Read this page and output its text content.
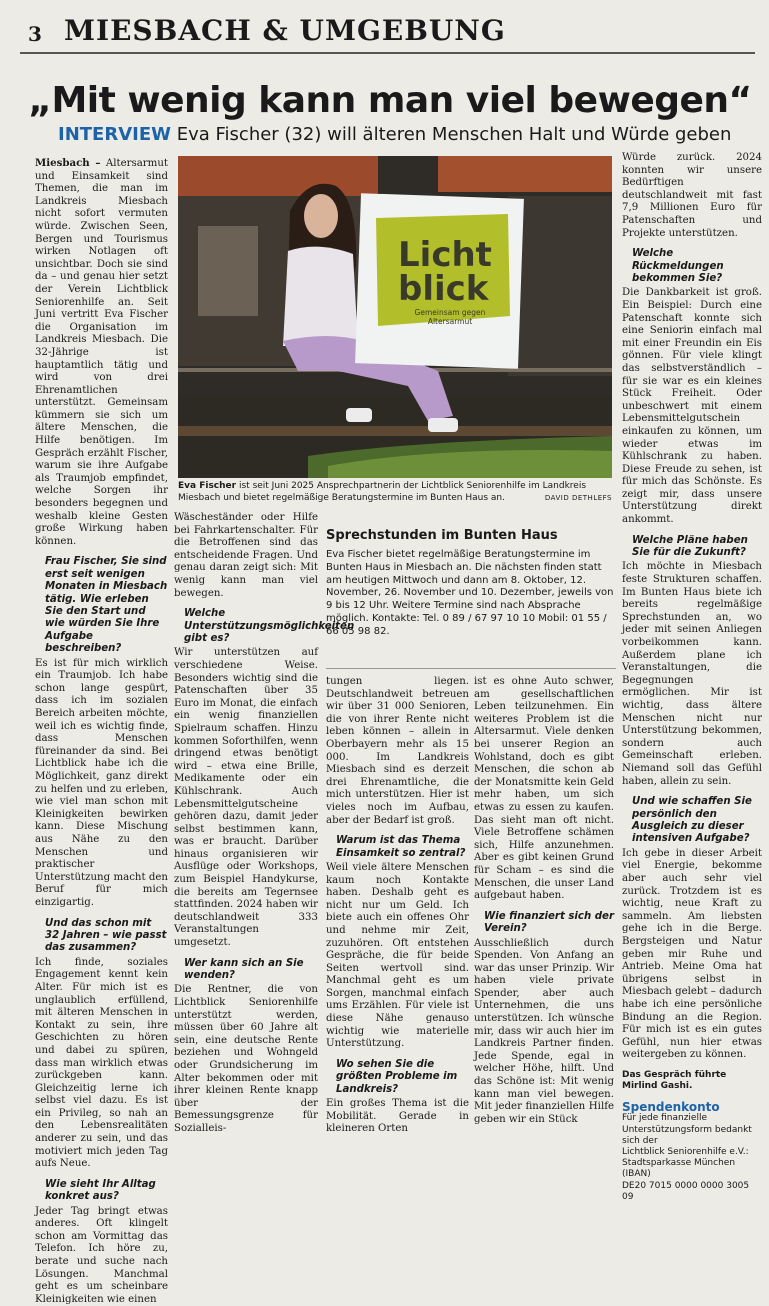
3 MIESBACH & UMGEBUNG
„Mit wenig kann man viel bewegen“
INTERVIEW Eva Fischer (32) will älteren Menschen Halt und Würde geben

Miesbach – Altersarmut und Einsamkeit sind Themen, die man im Landkreis Miesbach nicht sofort vermuten würde. Zwischen Seen, Bergen und Tourismus wirken Notlagen oft unsichtbar. Doch sie sind da – und genau hier setzt der Verein Lichtblick Seniorenhilfe an. Seit Juni vertritt Eva Fischer die Organisation im Landkreis Miesbach. Die 32-Jährige ist hauptamtlich tätig und wird von drei Ehrenamtlichen unterstützt. Gemeinsam kümmern sie sich um ältere Menschen, die Hilfe benötigen. Im Gespräch erzählt Fischer, warum sie ihre Aufgabe als Traumjob empfindet, welche Sorgen ihr besonders begegnen und weshalb kleine Gesten große Wirkung haben können.

Frau Fischer, Sie sind erst seit wenigen Monaten in Miesbach tätig. Wie erleben Sie den Start und wie würden Sie Ihre Aufgabe beschreiben?

Es ist für mich wirklich ein Traumjob. Ich habe schon lange gespürt, dass ich im sozialen Bereich arbeiten möchte, weil ich es wichtig finde, dass Menschen füreinander da sind. Bei Lichtblick habe ich die Möglichkeit, ganz direkt zu helfen und zu erleben, wie viel man schon mit Kleinigkeiten bewirken kann. Diese Mischung aus Nähe zu den Menschen und praktischer Unterstützung macht den Beruf für mich einzigartig.

Und das schon mit 32 Jahren – wie passt das zusammen?

Ich finde, soziales Engagement kennt kein Alter. Für mich ist es unglaublich erfüllend, mit älteren Menschen in Kontakt zu sein, ihre Geschichten zu hören und dabei zu spüren, dass man wirklich etwas zurückgeben kann. Gleichzeitig lerne ich selbst viel dazu. Es ist ein Privileg, so nah an den Lebensrealitäten anderer zu sein, und das motiviert mich jeden Tag aufs Neue.

Wie sieht Ihr Alltag konkret aus?

Jeder Tag bringt etwas anderes. Oft klingelt schon am Vormittag das Telefon. Ich höre zu, berate und suche nach Lösungen. Manchmal geht es um scheinbare Kleinigkeiten wie einen

Licht
blick
Gemeinsam gegen
Altersarmut
Eva Fischer ist seit Juni 2025 Ansprechpartnerin der Lichtblick Seniorenhilfe im Landkreis Miesbach und bietet regelmäßige Beratungstermine im Bunten Haus an.	DAVID DETHLEFS

Wäscheständer oder Hilfe bei Fahrkartenschalter. Für die Betroffenen sind das entscheidende Fragen. Und genau daran zeigt sich: Mit wenig kann man viel bewegen.

Welche Unterstützungsmöglichkeiten gibt es?

Wir unterstützen auf verschiedene Weise. Besonders wichtig sind die Patenschaften über 35 Euro im Monat, die einfach ein wenig finanziellen Spielraum schaffen. Hinzu kommen Soforthilfen, wenn dringend etwas benötigt wird – etwa eine Brille, Medikamente oder ein Kühlschrank. Auch Lebensmittelgutscheine gehören dazu, damit jeder selbst bestimmen kann, was er braucht. Darüber hinaus organisieren wir Ausflüge oder Workshops, zum Beispiel Handykurse, die bereits am Tegernsee stattfinden. 2024 haben wir deutschlandweit 333 Veranstaltungen umgesetzt.

Wer kann sich an Sie wenden?

Die Rentner, die von Lichtblick Seniorenhilfe unterstützt werden, müssen über 60 Jahre alt sein, eine deutsche Rente beziehen und Wohngeld oder Grundsicherung im Alter bekommen oder mit ihrer kleinen Rente knapp über der Bemessungsgrenze für Sozialleis-

Sprechstunden im Bunten Haus
Eva Fischer bietet regelmäßige Beratungstermine im Bunten Haus in Miesbach an. Die nächsten finden statt am heutigen Mittwoch und dann am 8. Oktober, 12. November, 26. November und 10. Dezember, jeweils von 9 bis 12 Uhr. Weitere Termine sind nach Absprache möglich. Kontakte: Tel. 0 89 / 67 97 10 10 Mobil: 01 55 / 66 05 98 82.

tungen liegen. Deutschlandweit betreuen wir über 31 000 Senioren, die von ihrer Rente nicht leben können – allein in Oberbayern mehr als 15 000. Im Landkreis Miesbach sind es derzeit drei Ehrenamtliche, die mich unterstützen. Hier ist vieles noch im Aufbau, aber der Bedarf ist groß.

Warum ist das Thema Einsamkeit so zentral?

Weil viele ältere Menschen kaum noch Kontakte haben. Deshalb geht es nicht nur um Geld. Ich biete auch ein offenes Ohr und nehme mir Zeit, zuzuhören. Oft entstehen Gespräche, die für beide Seiten wertvoll sind. Manchmal geht es um Sorgen, manchmal einfach ums Erzählen. Für viele ist diese Nähe genauso wichtig wie materielle Unterstützung.

Wo sehen Sie die größten Probleme im Landkreis?

Ein großes Thema ist die Mobilität. Gerade in kleineren Orten

ist es ohne Auto schwer, am gesellschaftlichen Leben teilzunehmen. Ein weiteres Problem ist die Altersarmut. Viele denken bei unserer Region an Wohlstand, doch es gibt Menschen, die schon ab der Monatsmitte kein Geld mehr haben, um sich etwas zu essen zu kaufen. Das sieht man oft nicht. Viele Betroffene schämen sich, Hilfe anzunehmen. Aber es gibt keinen Grund für Scham – es sind die Menschen, die unser Land aufgebaut haben.

Wie finanziert sich der Verein?

Ausschließlich durch Spenden. Von Anfang an war das unser Prinzip. Wir haben viele private Spender, aber auch Unternehmen, die uns unterstützen. Ich wünsche mir, dass wir auch hier im Landkreis Partner finden. Jede Spende, egal in welcher Höhe, hilft. Und das Schöne ist: Mit wenig kann man viel bewegen. Mit jeder finanziellen Hilfe geben wir ein Stück

Würde zurück. 2024 konnten wir unsere Bedürftigen deutschlandweit mit fast 7,9 Millionen Euro für Patenschaften und Projekte unterstützen.

Welche Rückmeldungen bekommen Sie?

Die Dankbarkeit ist groß. Ein Beispiel: Durch eine Patenschaft konnte sich eine Seniorin einfach mal mit einer Freundin ein Eis gönnen. Für viele klingt das selbstverständlich – für sie war es ein kleines Stück Freiheit. Oder unbeschwert mit einem Lebensmittelgutschein einkaufen zu können, um wieder etwas im Kühlschrank zu haben. Diese Freude zu sehen, ist für mich das Schönste. Es zeigt mir, dass unsere Unterstützung direkt ankommt.

Welche Pläne haben Sie für die Zukunft?

Ich möchte in Miesbach feste Strukturen schaffen. Im Bunten Haus biete ich bereits regelmäßige Sprechstunden an, wo jeder mit seinen Anliegen vorbeikommen kann. Außerdem plane ich Veranstaltungen, die Begegnungen ermöglichen. Mir ist wichtig, dass ältere Menschen nicht nur Unterstützung bekommen, sondern auch Gemeinschaft erleben. Niemand soll das Gefühl haben, allein zu sein.

Und wie schaffen Sie persönlich den Ausgleich zu dieser intensiven Aufgabe?

Ich gebe in dieser Arbeit viel Energie, bekomme aber auch sehr viel zurück. Trotzdem ist es wichtig, neue Kraft zu sammeln. Am liebsten gehe ich in die Berge. Bergsteigen und Natur geben mir Ruhe und Antrieb. Meine Oma hat übrigens selbst in Miesbach gelebt – dadurch habe ich eine persönliche Bindung an die Region. Für mich ist es ein gutes Gefühl, nun hier etwas weitergeben zu können.

Das Gespräch führte
Mirlind Gashi.

Spendenkonto

Für jede finanzielle Unterstützungsform bedankt sich der
Lichtblick Seniorenhilfe e.V.:
Stadtsparkasse München (IBAN)
DE20 7015 0000 0000 3005 09
